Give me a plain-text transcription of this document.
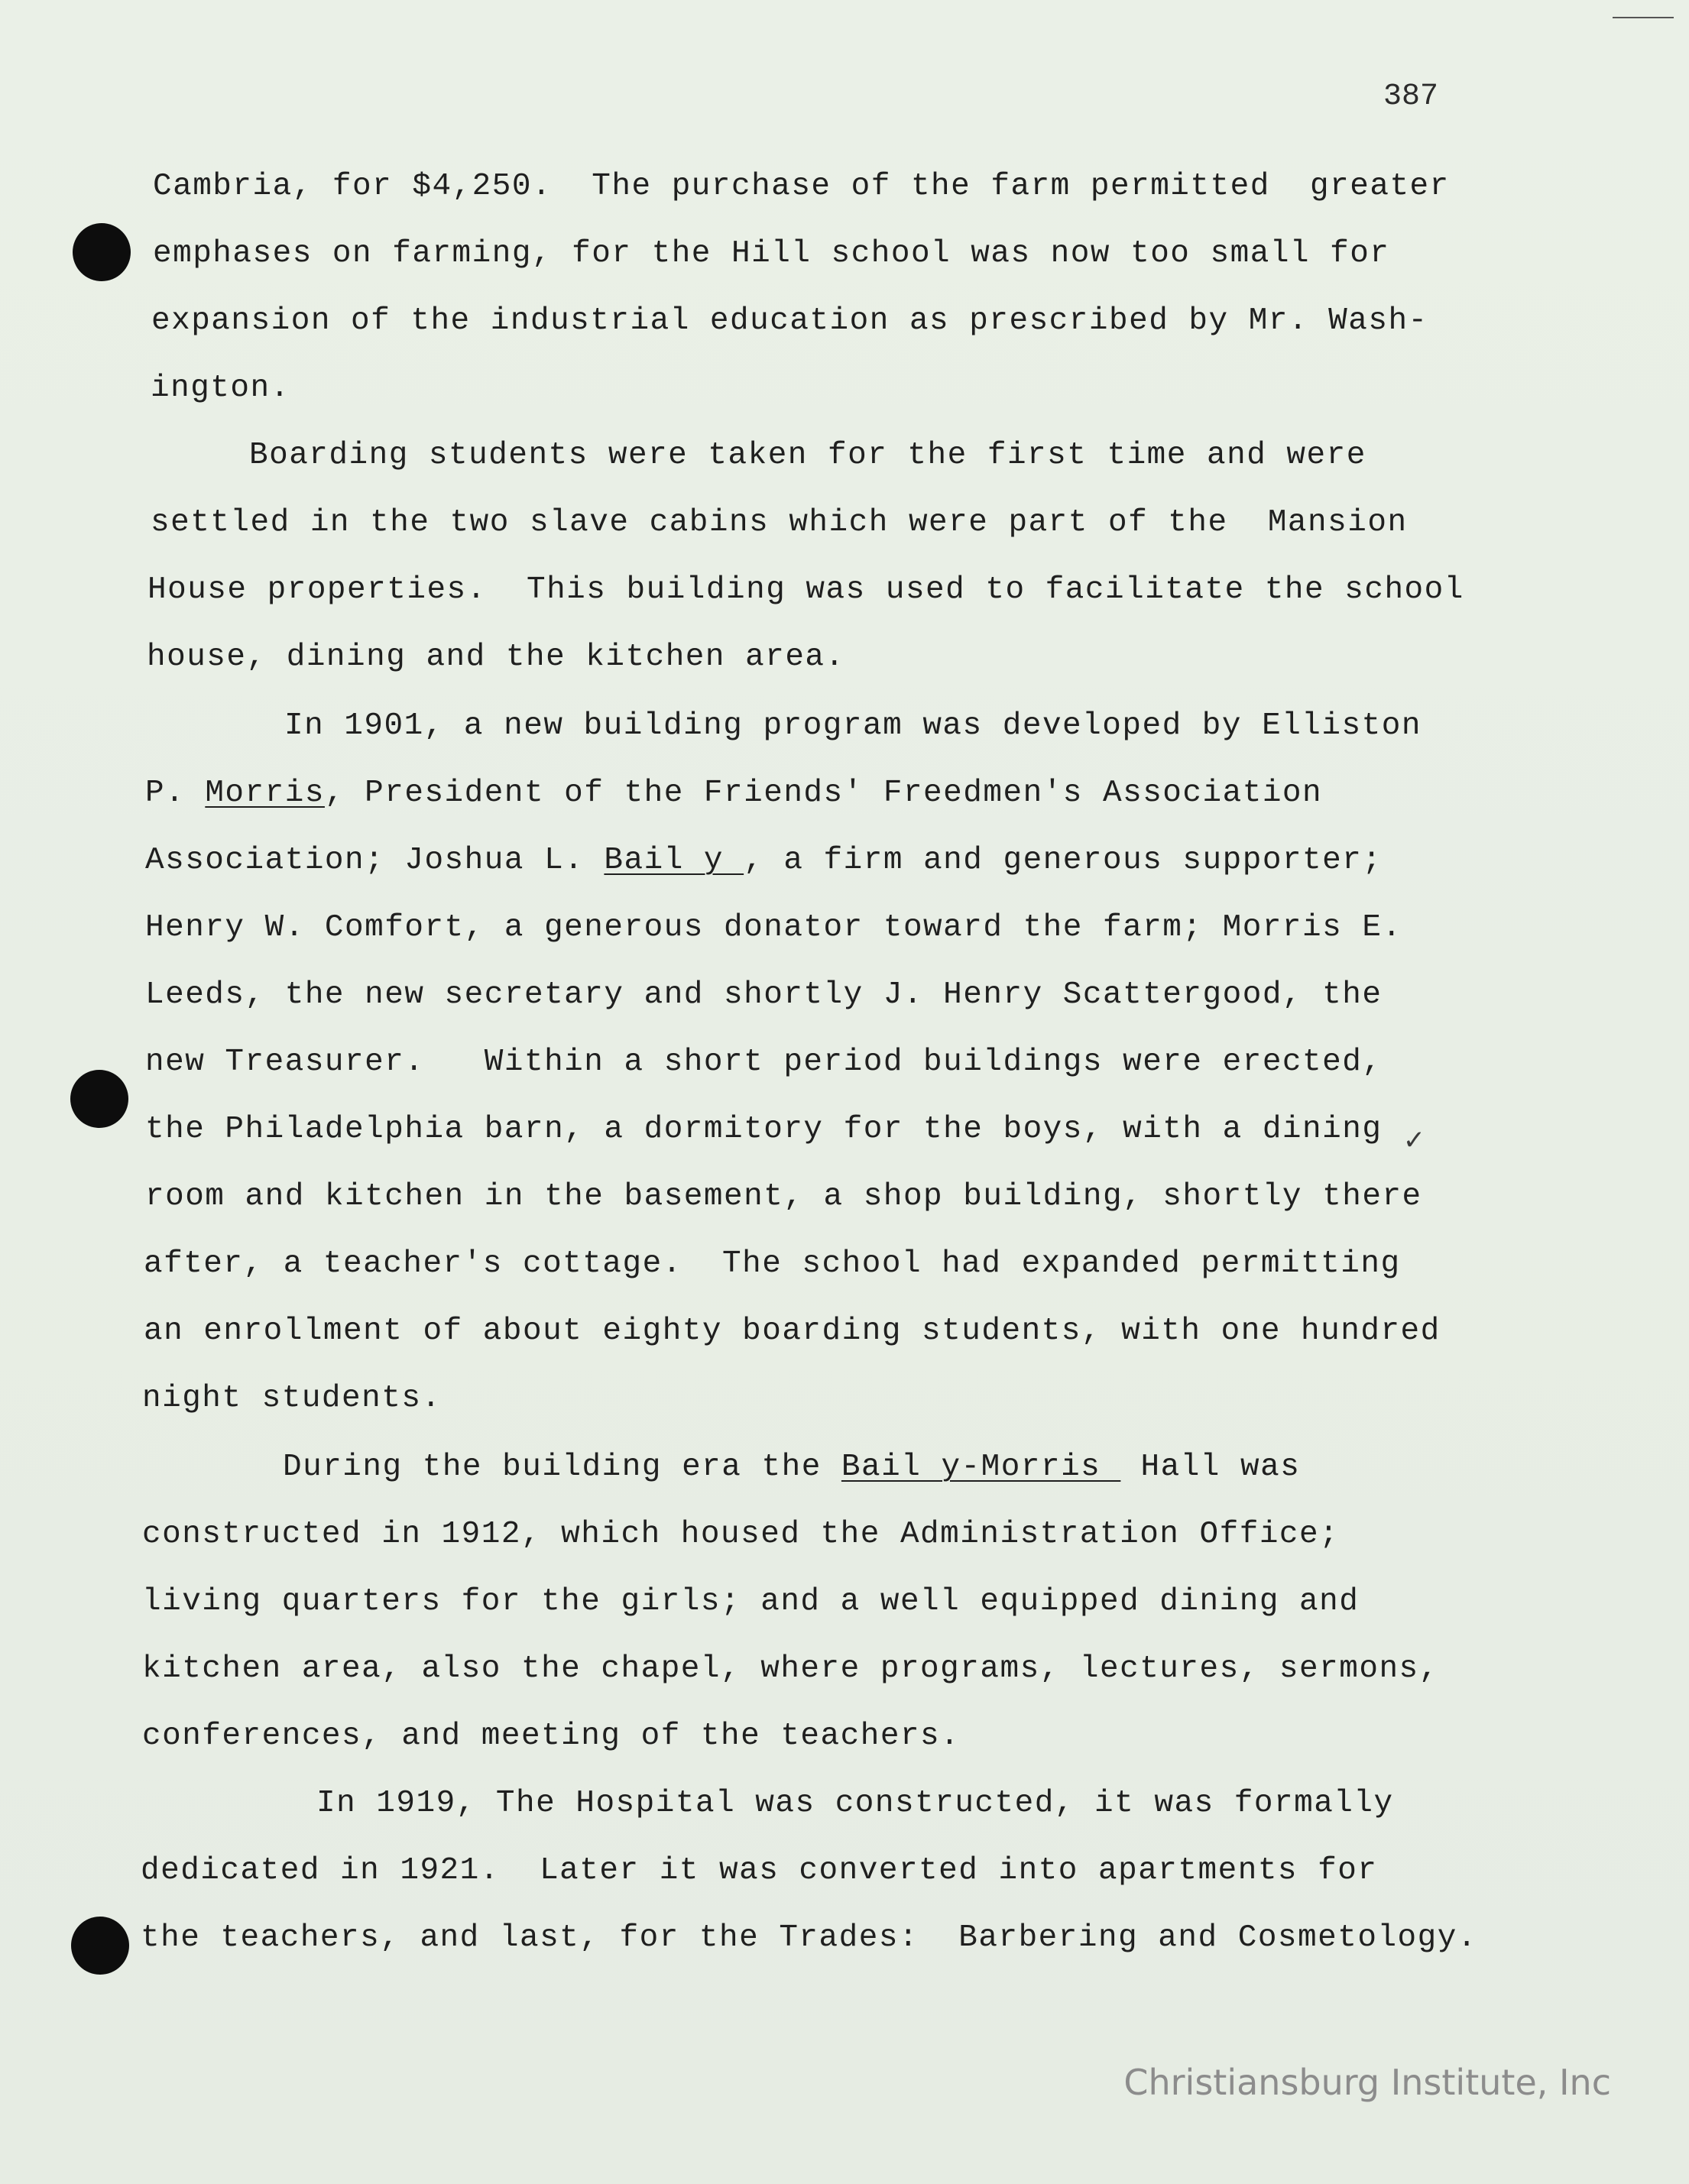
387
Cambria, for $4,250.  The purchase of the farm permitted  greater
emphases on farming, for the Hill school was now too small for
expansion of the industrial education as prescribed by Mr. Wash-
ington.
Boarding students were taken for the first time and were
settled in the two slave cabins which were part of the  Mansion
House properties.  This building was used to facilitate the school
house, dining and the kitchen area.
In 1901, a new building program was developed by Elliston
P. Morris, President of the Friends' Freedmen's Association
Association; Joshua L. Bail y , a firm and generous supporter;
Henry W. Comfort, a generous donator toward the farm; Morris E.
Leeds, the new secretary and shortly J. Henry Scattergood, the
new Treasurer.   Within a short period buildings were erected,
the Philadelphia barn, a dormitory for the boys, with a dining
room and kitchen in the basement, a shop building, shortly there
after, a teacher's cottage.  The school had expanded permitting
an enrollment of about eighty boarding students, with one hundred
night students.
During the building era the Bail y-Morris  Hall was
constructed in 1912, which housed the Administration Office;
living quarters for the girls; and a well equipped dining and
kitchen area, also the chapel, where programs, lectures, sermons,
conferences, and meeting of the teachers.
In 1919, The Hospital was constructed, it was formally
dedicated in 1921.  Later it was converted into apartments for
the teachers, and last, for the Trades:  Barbering and Cosmetology.
✓
Christiansburg Institute, Inc
